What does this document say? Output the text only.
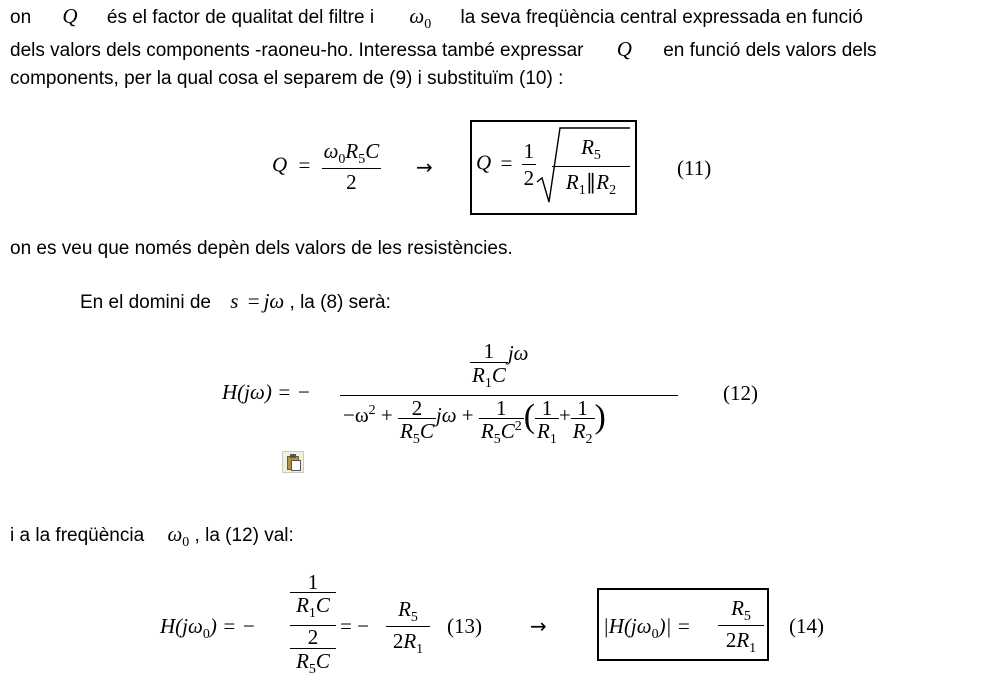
on Q és el factor de qualitat del filtre i $\omega_0$ la seva freqüència central expressada en funció
dels valors dels components -raoneu-ho. Interessa també expressar Q en funció dels valors dels
components, per la qual cosa el separem de (9) i substituïm (10) :
$Q = \frac{\omega_0R_5C}{2} \to Q = \frac{1}{2} \frac{R_5}{R_1\parallel R_2} (11)$
on es veu que només depèn dels valors de les resistències.
En el domini de s = jω , la (8) serà:
H(jω) = −
$\frac{1}{R_1C}$ jω
$-\omega^2 + \frac{2}{R_5C}$ $j\omega + \frac{1}{R_5C^2}$ ( $\frac{1}{R_1} + \frac{1}{R_2}$ )
(12)
i a la freqüència $\omega_0$ , la (12) val:
$H(j\omega_0)$ = −
1
$R_1C$
2
$R_5C$
= − $\frac{R_5}{2R_1} (13)$ →	$|H(j\omega_0)| = \frac{R_5}{2R_1} (14)$
